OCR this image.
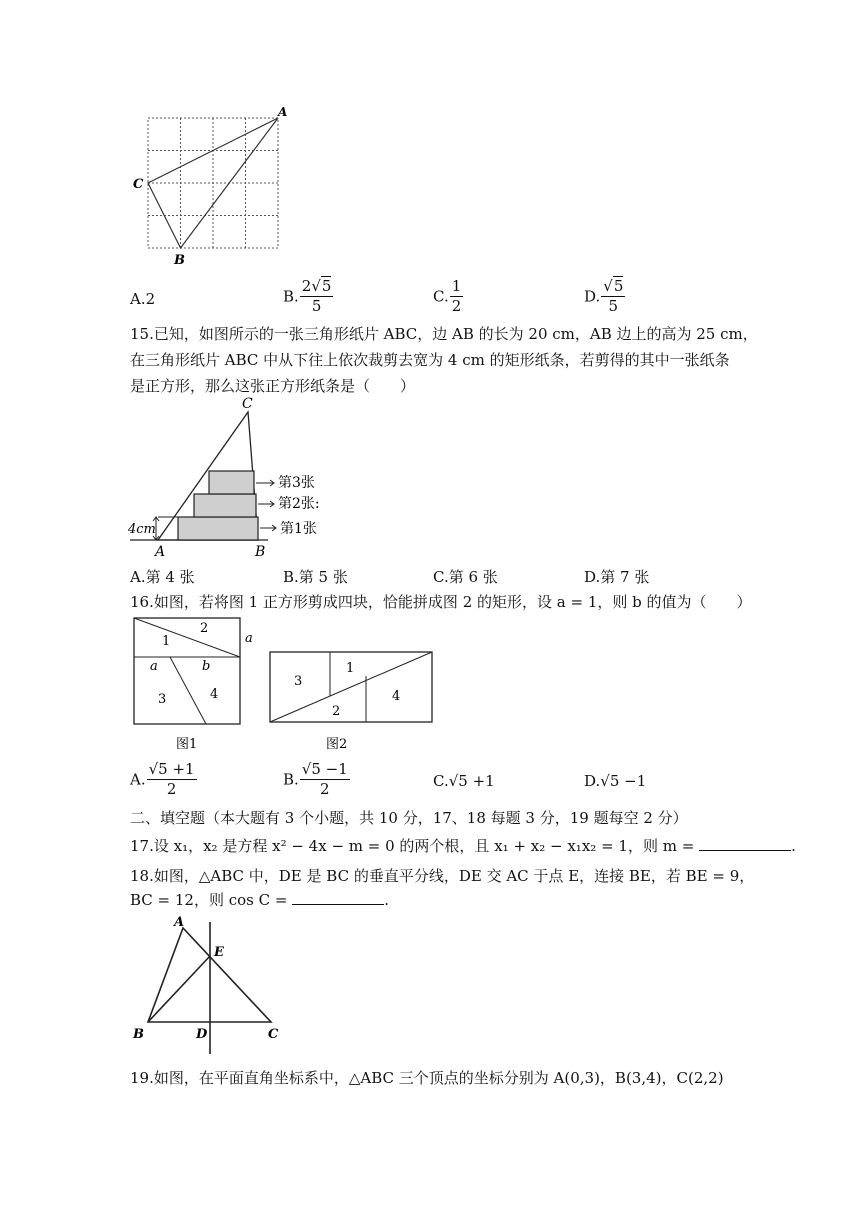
A
C
B
A.2	B. $\frac{2√5}{5}$	C. $\frac{1}{2}$	D. $\frac{√5}{5}$
15.已知，如图所示的一张三角形纸片 ABC，边 AB 的长为 20 cm，AB 边上的高为 25 cm，
在三角形纸片 ABC 中从下往上依次裁剪去宽为 4 cm 的矩形纸条，若剪得的其中一张纸条
是正方形，那么这张正方形纸条是（　　）
C
A	B
4cm
第3张
第2张:
第1张
A.第 4 张	B.第 5 张	C.第 6 张	D.第 7 张
16.如图，若将图 1 正方形剪成四块，恰能拼成图 2 的矩形，设 a = 1，则 b 的值为（　　）
1
2
3	4
a
a	b
图1
3
1
2
4
图2
A. $\frac{√5 +1}{2}$	B. $\frac{√5 -1}{2}$	C.√5 +1	D.√5 −1
二、填空题（本大题有 3 个小题，共 10 分，17、18 每题 3 分，19 题每空 2 分）
17.设 x₁，x₂ 是方程 x² − 4x − m = 0 的两个根，且 x₁ + x₂ − x₁x₂ = 1，则 m =	.
18.如图，△ABC 中，DE 是 BC 的垂直平分线，DE 交 AC 于点 E，连接 BE，若 BE = 9，
BC = 12，则 cos C =	.
A
E
B	D	C
19.如图，在平面直角坐标系中，△ABC 三个顶点的坐标分别为 A(0,3)，B(3,4)，C(2,2)
